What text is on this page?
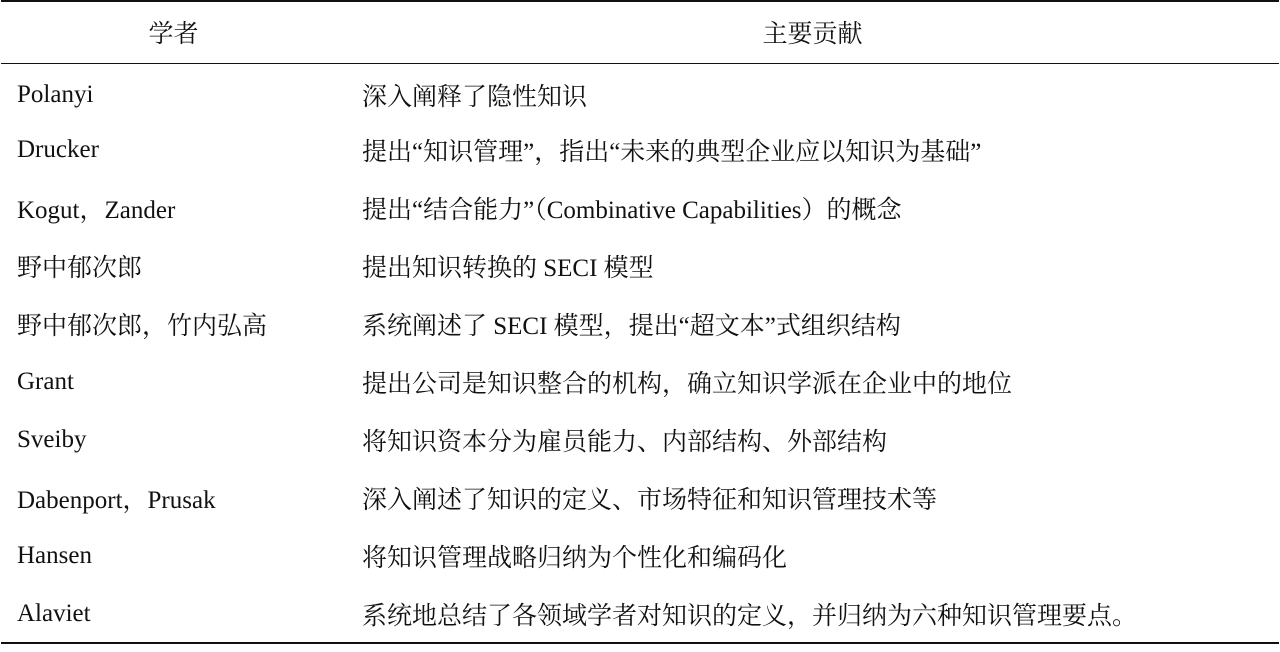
学者	主要贡献
Polanyi	深入阐释了隐性知识
Drucker	提出“知识管理”，指出“未来的典型企业应以知识为基础”
Kogut，Zander	提出“结合能力”（Combinative Capabilities）的概念
野中郁次郎	提出知识转换的 SECI 模型
野中郁次郎，竹内弘高	系统阐述了 SECI 模型，提出“超文本”式组织结构
Grant	提出公司是知识整合的机构，确立知识学派在企业中的地位
Sveiby	将知识资本分为雇员能力、内部结构、外部结构
Dabenport，Prusak	深入阐述了知识的定义、市场特征和知识管理技术等
Hansen	将知识管理战略归纳为个性化和编码化
Alaviet	系统地总结了各领域学者对知识的定义，并归纳为六种知识管理要点。
